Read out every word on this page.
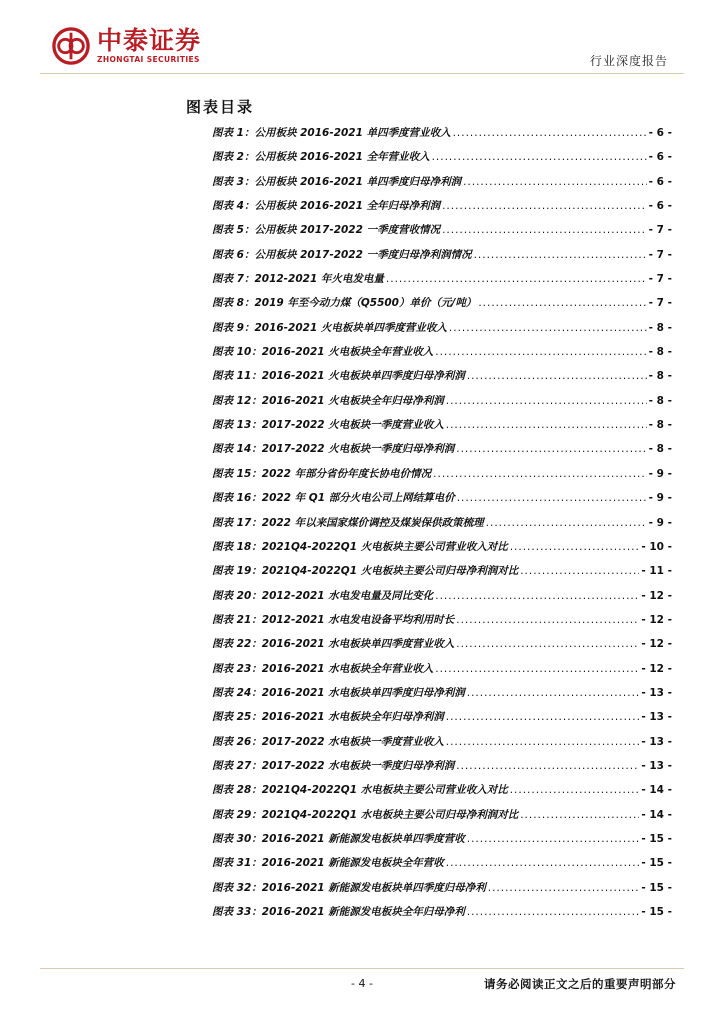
中泰证券
ZHONGTAI SECURITIES	行业深度报告
图表目录
图表 1：公用板块 2016-2021 单四季度营业收入 .....	- 6 -
图表 2：公用板块 2016-2021 全年营业收入 .....	- 6 -
图表 3：公用板块 2016-2021 单四季度归母净利润 .....	- 6 -
图表 4：公用板块 2016-2021 全年归母净利润 .....	- 6 -
图表 5：公用板块 2017-2022 一季度营收情况 .....	- 7 -
图表 6：公用板块 2017-2022 一季度归母净利润情况 .....	- 7 -
图表 7：2012-2021 年火电发电量 .....	- 7 -
图表 8：2019 年至今动力煤（Q5500）单价（元/吨） .....	- 7 -
图表 9：2016-2021 火电板块单四季度营业收入 .....	- 8 -
图表 10：2016-2021 火电板块全年营业收入 .....	- 8 -
图表 11：2016-2021 火电板块单四季度归母净利润 .....	- 8 -
图表 12：2016-2021 火电板块全年归母净利润 .....	- 8 -
图表 13：2017-2022 火电板块一季度营业收入 .....	- 8 -
图表 14：2017-2022 火电板块一季度归母净利润 .....	- 8 -
图表 15：2022 年部分省份年度长协电价情况 .....	- 9 -
图表 16：2022 年 Q1 部分火电公司上网结算电价 .....	- 9 -
图表 17：2022 年以来国家煤价调控及煤炭保供政策梳理 .....	- 9 -
图表 18：2021Q4-2022Q1 火电板块主要公司营业收入对比 .....	- 10 -
图表 19：2021Q4-2022Q1 火电板块主要公司归母净利润对比 .....	- 11 -
图表 20：2012-2021 水电发电量及同比变化 .....	- 12 -
图表 21：2012-2021 水电发电设备平均利用时长 .....	- 12 -
图表 22：2016-2021 水电板块单四季度营业收入 .....	- 12 -
图表 23：2016-2021 水电板块全年营业收入 .....	- 12 -
图表 24：2016-2021 水电板块单四季度归母净利润 .....	- 13 -
图表 25：2016-2021 水电板块全年归母净利润 .....	- 13 -
图表 26：2017-2022 水电板块一季度营业收入 .....	- 13 -
图表 27：2017-2022 水电板块一季度归母净利润 .....	- 13 -
图表 28：2021Q4-2022Q1 水电板块主要公司营业收入对比 .....	- 14 -
图表 29：2021Q4-2022Q1 水电板块主要公司归母净利润对比 .....	- 14 -
图表 30：2016-2021 新能源发电板块单四季度营收 .....	- 15 -
图表 31：2016-2021 新能源发电板块全年营收 .....	- 15 -
图表 32：2016-2021 新能源发电板块单四季度归母净利 .....	- 15 -
图表 33：2016-2021 新能源发电板块全年归母净利 .....	- 15 -
- 4 -	请务必阅读正文之后的重要声明部分
